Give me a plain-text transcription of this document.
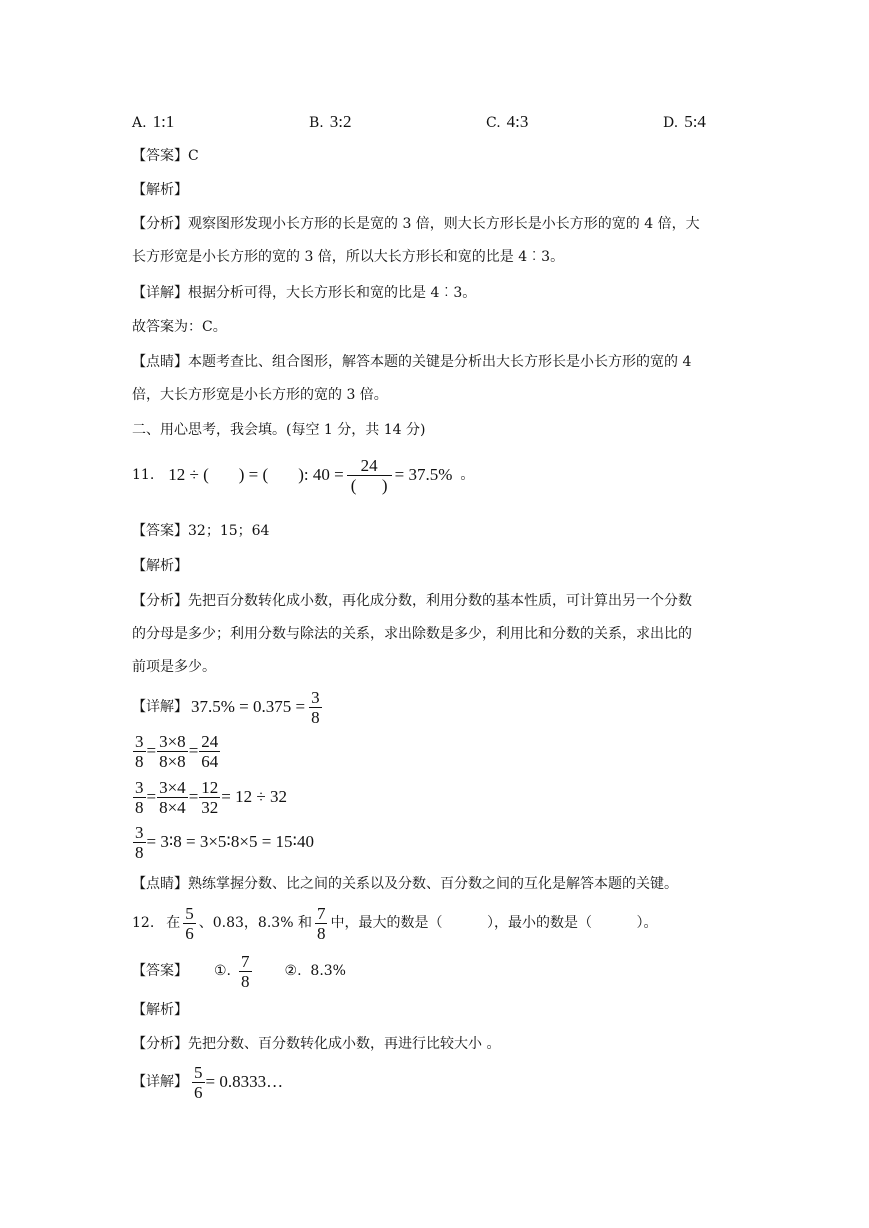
A. 1:1	B. 3:2	C. 4:3	D. 5:4
【答案】C
【解析】
【分析】观察图形发现小长方形的长是宽的 3 倍，则大长方形长是小长方形的宽的 4 倍，大
长方形宽是小长方形的宽的 3 倍，所以大长方形长和宽的比是 4︰3。
【详解】根据分析可得，大长方形长和宽的比是 4︰3。
故答案为：C。
【点睛】本题考查比、组合图形，解答本题的关键是分析出大长方形长是小长方形的宽的 4
倍，大长方形宽是小长方形的宽的 3 倍。
二、用心思考，我会填。(每空 1 分，共 14 分)
11. 12 ÷ ( ) = ( ): $40 = \frac{24}{( )} = 37.5\%$ 。
【答案】32；15；64
【解析】
【分析】先把百分数转化成小数，再化成分数，利用分数的基本性质，可计算出另一个分数
的分母是多少；利用分数与除法的关系，求出除数是多少，利用比和分数的关系，求出比的
前项是多少。
【详解】 $37.5\% = 0.375 = \frac{3}{8}$
$\frac{3}{8} = \frac{3\times 8}{8\times 8} = \frac{24}{64}$
$\frac{3}{8} = \frac{3\times 4}{8\times 4} = \frac{12}{32} = 12 \div 32$
$\frac{3}{8}$ = 3∶8 = 3×5∶8×5 = 15∶40
【点睛】熟练掌握分数、比之间的关系以及分数、百分数之间的互化是解答本题的关键。
12. 在 $\frac{5}{6}$ 、0.83，8.3% 和 $\frac{7}{8}$ 中，最大的数是（          ），最小的数是（          ）。
【答案】 ①. $\frac{7}{8}$ ②.  8.3%
【解析】
【分析】先把分数、百分数转化成小数，再进行比较大小 。
【详解】 $\frac{5}{6}$ = 0.8333…
